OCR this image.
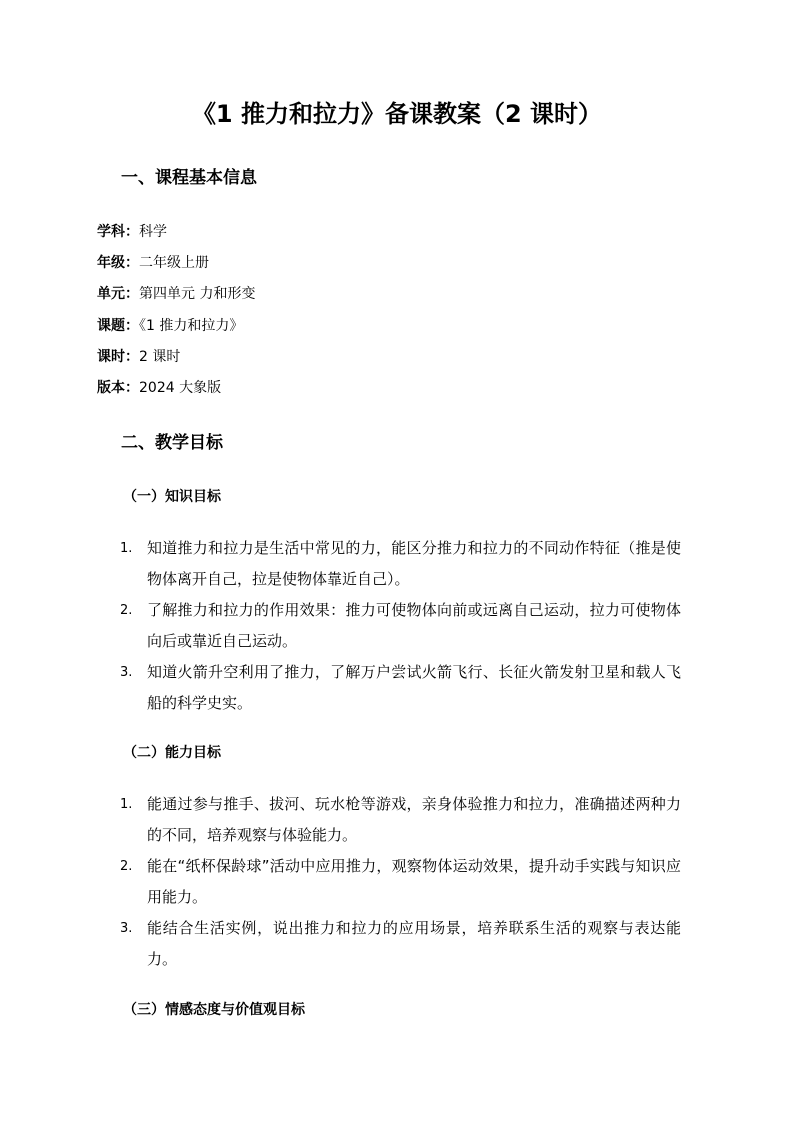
《1 推力和拉力》备课教案（2 课时）
一、课程基本信息
学科：科学
年级：二年级上册
单元：第四单元 力和形变
课题：《1 推力和拉力》
课时：2 课时
版本：2024 大象版
二、教学目标
（一）知识目标
1. 知道推力和拉力是生活中常见的力，能区分推力和拉力的不同动作特征（推是使物体离开自己，拉是使物体靠近自己）。
2. 了解推力和拉力的作用效果：推力可使物体向前或远离自己运动，拉力可使物体向后或靠近自己运动。
3. 知道火箭升空利用了推力，了解万户尝试火箭飞行、长征火箭发射卫星和载人飞船的科学史实。
（二）能力目标
1. 能通过参与推手、拔河、玩水枪等游戏，亲身体验推力和拉力，准确描述两种力的不同，培养观察与体验能力。
2. 能在“纸杯保龄球”活动中应用推力，观察物体运动效果，提升动手实践与知识应用能力。
3. 能结合生活实例，说出推力和拉力的应用场景，培养联系生活的观察与表达能力。
（三）情感态度与价值观目标
